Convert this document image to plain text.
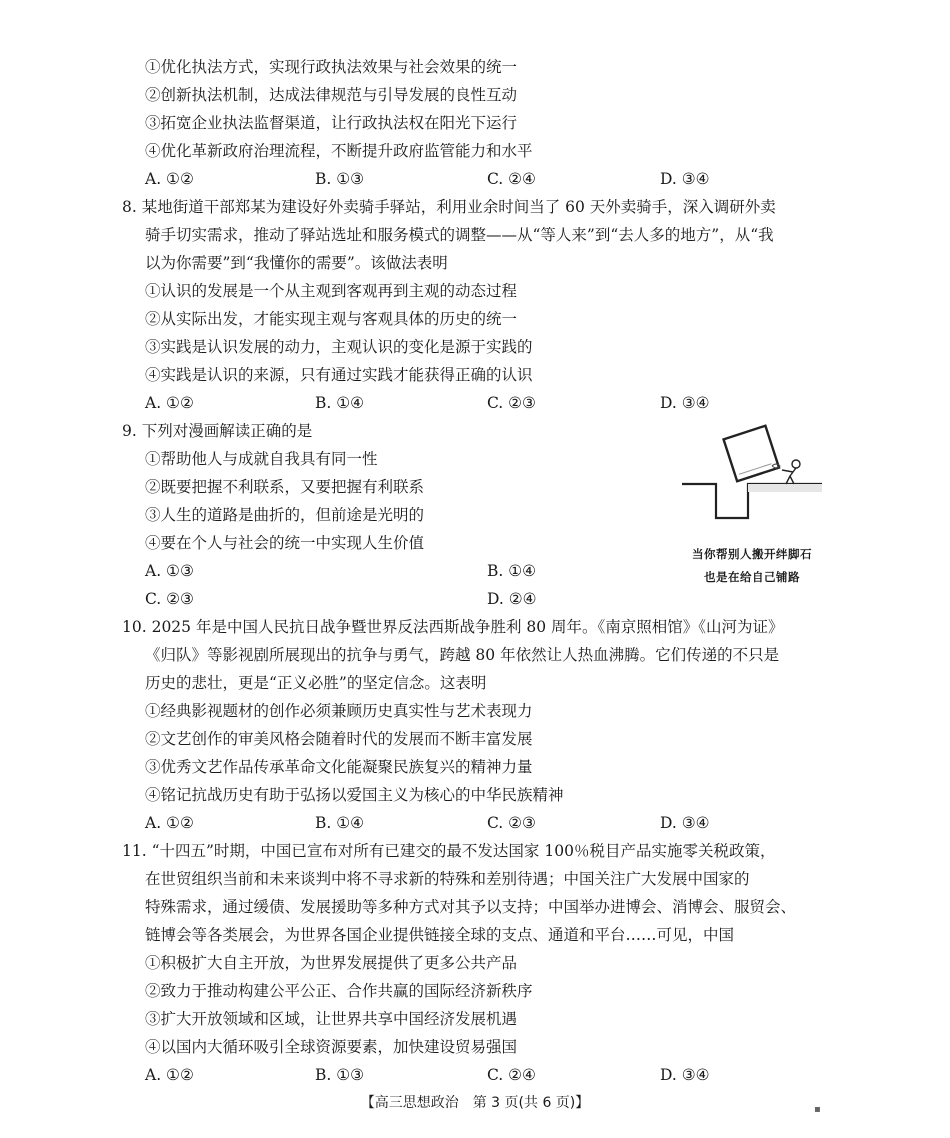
①优化执法方式，实现行政执法效果与社会效果的统一
②创新执法机制，达成法律规范与引导发展的良性互动
③拓宽企业执法监督渠道，让行政执法权在阳光下运行
④优化革新政府治理流程，不断提升政府监管能力和水平
A. ①②	B. ①③	C. ②④	D. ③④
8. 某地街道干部郑某为建设好外卖骑手驿站，利用业余时间当了 60 天外卖骑手，深入调研外卖
骑手切实需求，推动了驿站选址和服务模式的调整——从“等人来”到“去人多的地方”，从“我
以为你需要”到“我懂你的需要”。该做法表明
①认识的发展是一个从主观到客观再到主观的动态过程
②从实际出发，才能实现主观与客观具体的历史的统一
③实践是认识发展的动力，主观认识的变化是源于实践的
④实践是认识的来源，只有通过实践才能获得正确的认识
A. ①②	B. ①④	C. ②③	D. ③④
9. 下列对漫画解读正确的是
①帮助他人与成就自我具有同一性
②既要把握不利联系，又要把握有利联系
③人生的道路是曲折的，但前途是光明的
④要在个人与社会的统一中实现人生价值
A. ①③	B. ①④
C. ②③	D. ②④
当你帮别人搬开绊脚石
也是在给自己铺路
10. 2025 年是中国人民抗日战争暨世界反法西斯战争胜利 80 周年。《南京照相馆》《山河为证》
《归队》等影视剧所展现出的抗争与勇气，跨越 80 年依然让人热血沸腾。它们传递的不只是
历史的悲壮，更是“正义必胜”的坚定信念。这表明
①经典影视题材的创作必须兼顾历史真实性与艺术表现力
②文艺创作的审美风格会随着时代的发展而不断丰富发展
③优秀文艺作品传承革命文化能凝聚民族复兴的精神力量
④铭记抗战历史有助于弘扬以爱国主义为核心的中华民族精神
A. ①②	B. ①④	C. ②③	D. ③④
11. “十四五”时期，中国已宣布对所有已建交的最不发达国家 100％税目产品实施零关税政策，
在世贸组织当前和未来谈判中将不寻求新的特殊和差别待遇；中国关注广大发展中国家的
特殊需求，通过缓债、发展援助等多种方式对其予以支持；中国举办进博会、消博会、服贸会、
链博会等各类展会，为世界各国企业提供链接全球的支点、通道和平台……可见，中国
①积极扩大自主开放，为世界发展提供了更多公共产品
②致力于推动构建公平公正、合作共赢的国际经济新秩序
③扩大开放领域和区域，让世界共享中国经济发展机遇
④以国内大循环吸引全球资源要素，加快建设贸易强国
A. ①②	B. ①③	C. ②④	D. ③④
【高三思想政治　第 3 页(共 6 页)】	▪
